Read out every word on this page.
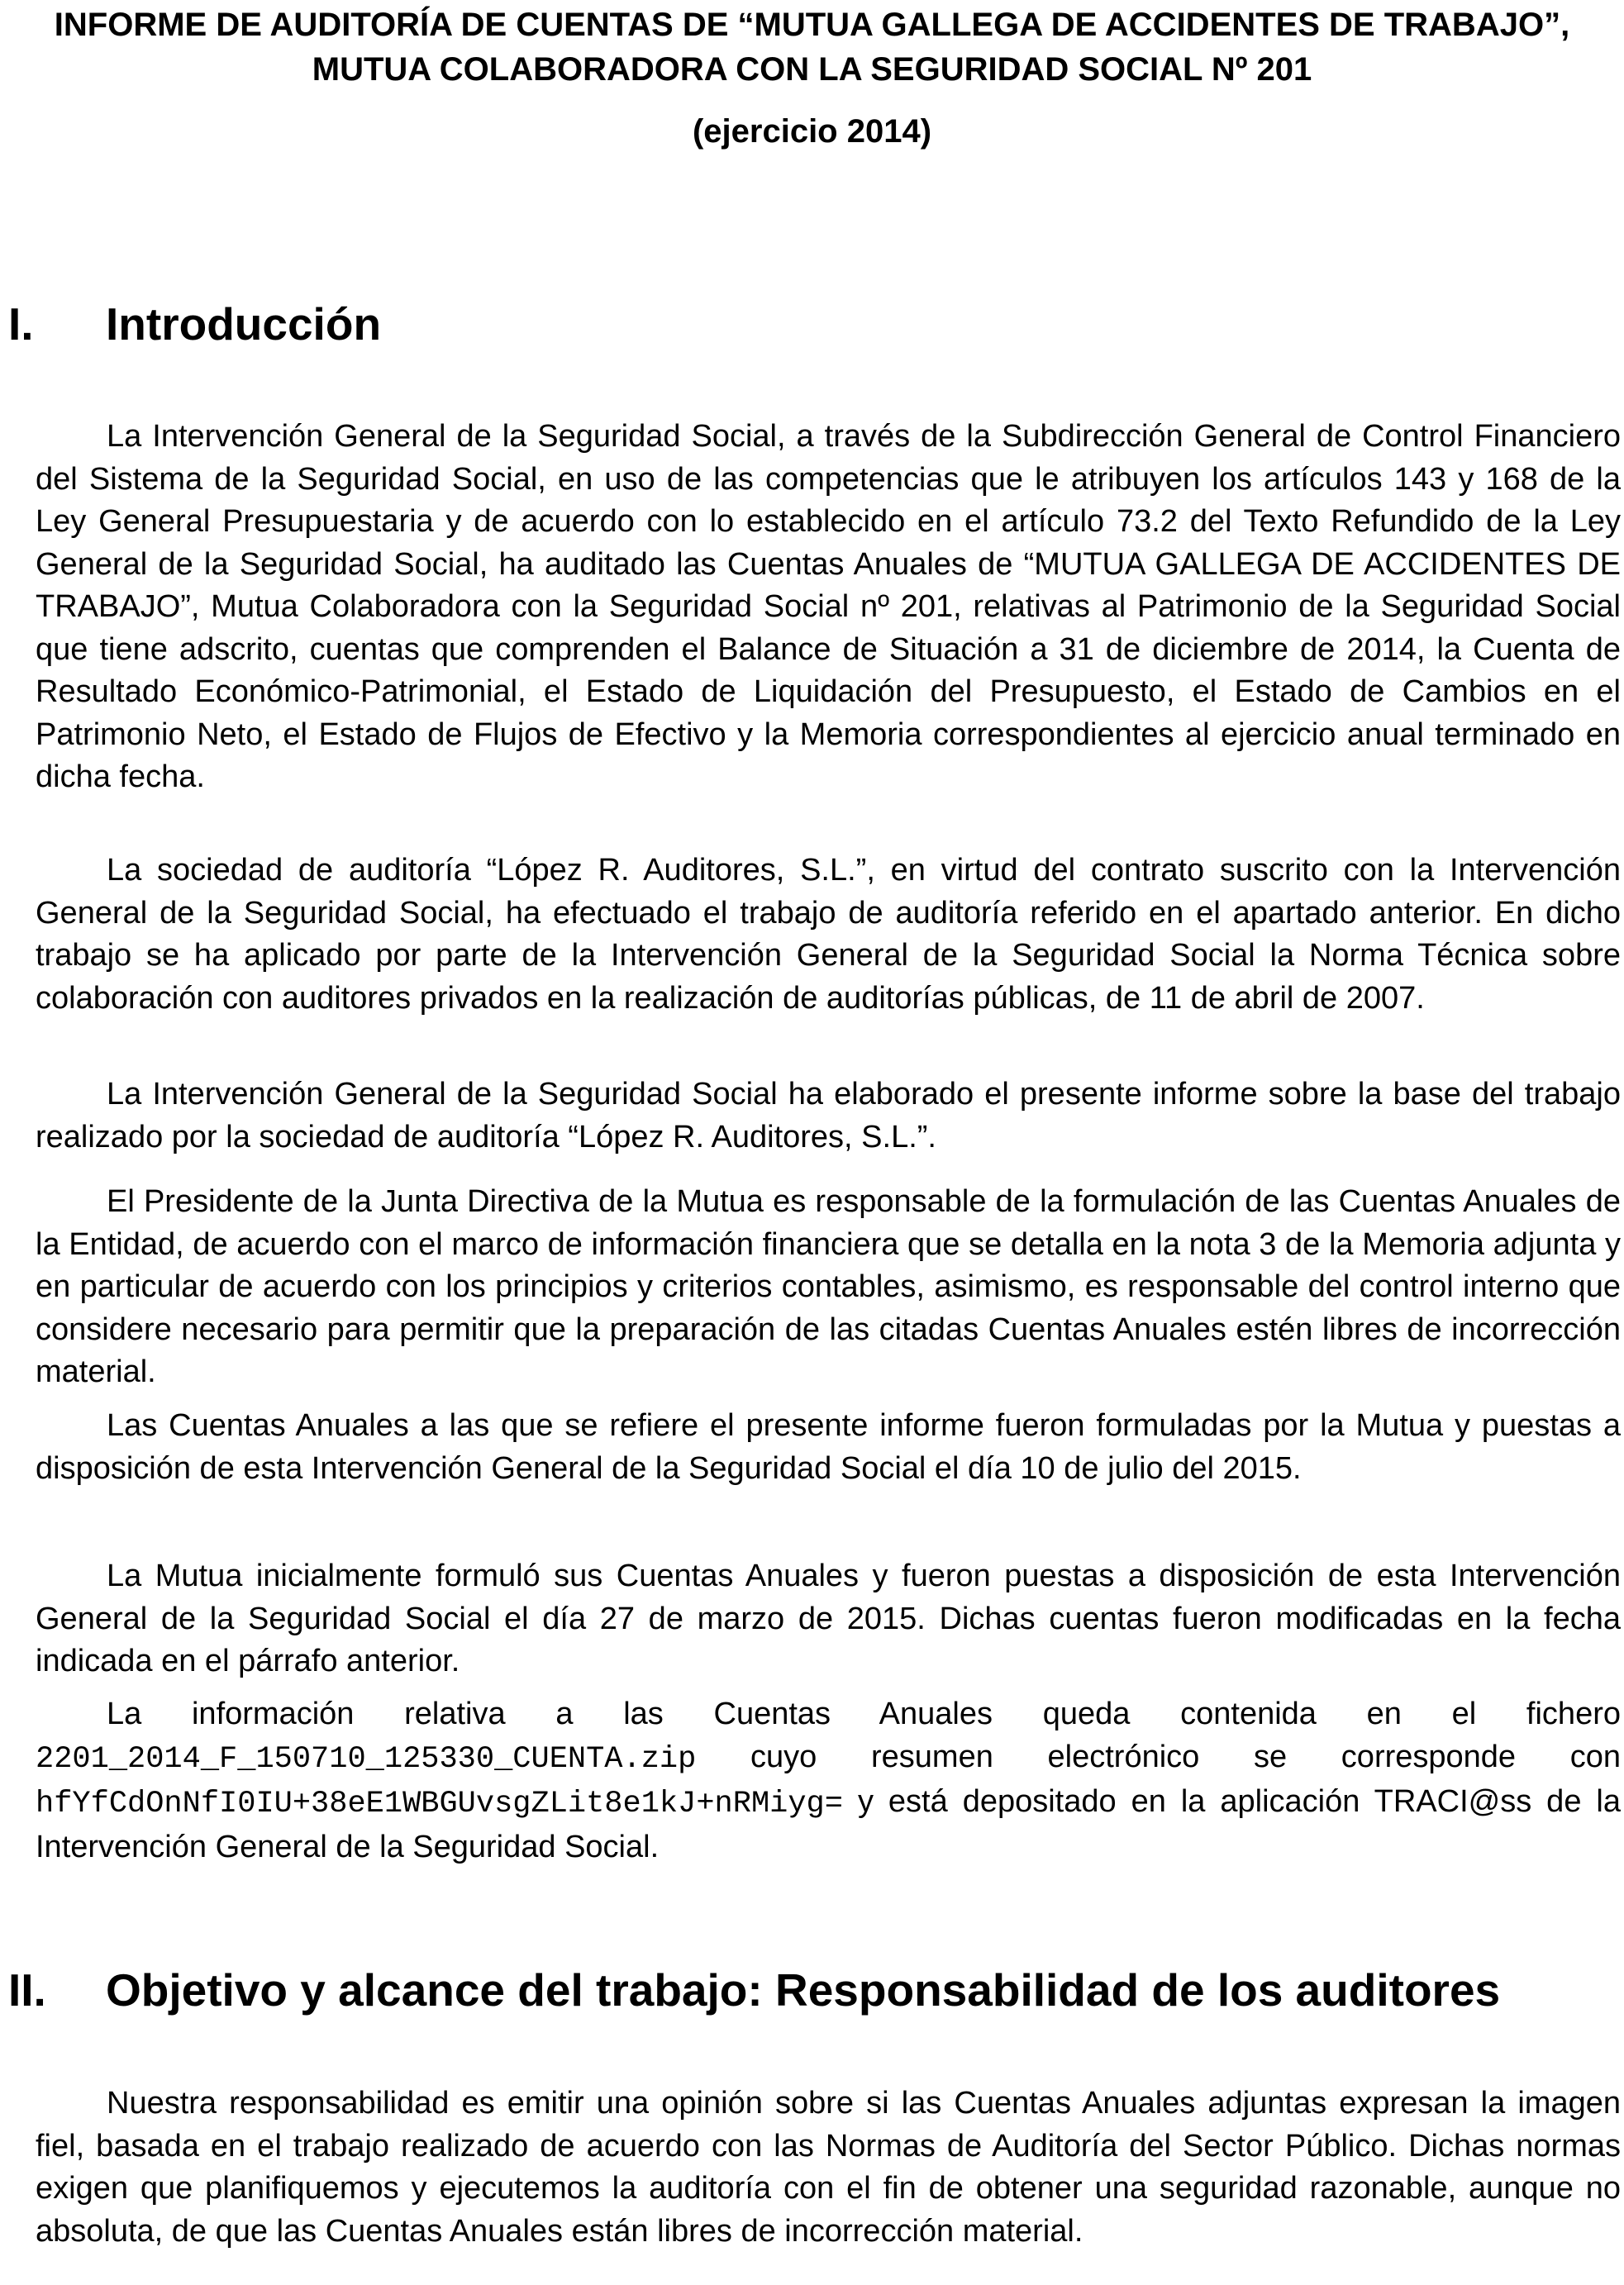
INFORME DE AUDITORÍA DE CUENTAS DE “MUTUA GALLEGA DE ACCIDENTES DE TRABAJO”, MUTUA COLABORADORA CON LA SEGURIDAD SOCIAL Nº 201
(ejercicio 2014)
I. Introducción

La Intervención General de la Seguridad Social, a través de la Subdirección General de Control Financiero del Sistema de la Seguridad Social, en uso de las competencias que le atribuyen los artículos 143 y 168 de la Ley General Presupuestaria y de acuerdo con lo establecido en el artículo 73.2 del Texto Refundido de la Ley General de la Seguridad Social, ha auditado las Cuentas Anuales de “MUTUA GALLEGA DE ACCIDENTES DE TRABAJO”, Mutua Colaboradora con la Seguridad Social nº 201, relativas al Patrimonio de la Seguridad Social que tiene adscrito, cuentas que comprenden el Balance de Situación a 31 de diciembre de 2014, la Cuenta de Resultado Económico-Patrimonial, el Estado de Liquidación del Presupuesto, el Estado de Cambios en el Patrimonio Neto, el Estado de Flujos de Efectivo y la Memoria correspondientes al ejercicio anual terminado en dicha fecha.

La sociedad de auditoría “López R. Auditores, S.L.”, en virtud del contrato suscrito con la Intervención General de la Seguridad Social, ha efectuado el trabajo de auditoría referido en el apartado anterior. En dicho trabajo se ha aplicado por parte de la Intervención General de la Seguridad Social la Norma Técnica sobre colaboración con auditores privados en la realización de auditorías públicas, de 11 de abril de 2007.

La Intervención General de la Seguridad Social ha elaborado el presente informe sobre la base del trabajo realizado por la sociedad de auditoría “López R. Auditores, S.L.”.

El Presidente de la Junta Directiva de la Mutua es responsable de la formulación de las Cuentas Anuales de la Entidad, de acuerdo con el marco de información financiera que se detalla en la nota 3 de la Memoria adjunta y en particular de acuerdo con los principios y criterios contables, asimismo, es responsable del control interno que considere necesario para permitir que la preparación de las citadas Cuentas Anuales estén libres de incorrección material.

Las Cuentas Anuales a las que se refiere el presente informe fueron formuladas por la Mutua y puestas a disposición de esta Intervención General de la Seguridad Social el día 10 de julio del 2015.

La Mutua inicialmente formuló sus Cuentas Anuales y fueron puestas a disposición de esta Intervención General de la Seguridad Social el día 27 de marzo de 2015. Dichas cuentas fueron modificadas en la fecha indicada en el párrafo anterior.

La información relativa a las Cuentas Anuales queda contenida en el fichero 2201_2014_F_150710_125330_CUENTA.zip cuyo resumen electrónico se corresponde con hfYfCdOnNfI0IU+38eE1WBGUvsgZLit8e1kJ+nRMiyg= y está depositado en la aplicación TRACI@ss de la Intervención General de la Seguridad Social.

II. Objetivo y alcance del trabajo: Responsabilidad de los auditores

Nuestra responsabilidad es emitir una opinión sobre si las Cuentas Anuales adjuntas expresan la imagen fiel, basada en el trabajo realizado de acuerdo con las Normas de Auditoría del Sector Público. Dichas normas exigen que planifiquemos y ejecutemos la auditoría con el fin de obtener una seguridad razonable, aunque no absoluta, de que las Cuentas Anuales están libres de incorrección material.
